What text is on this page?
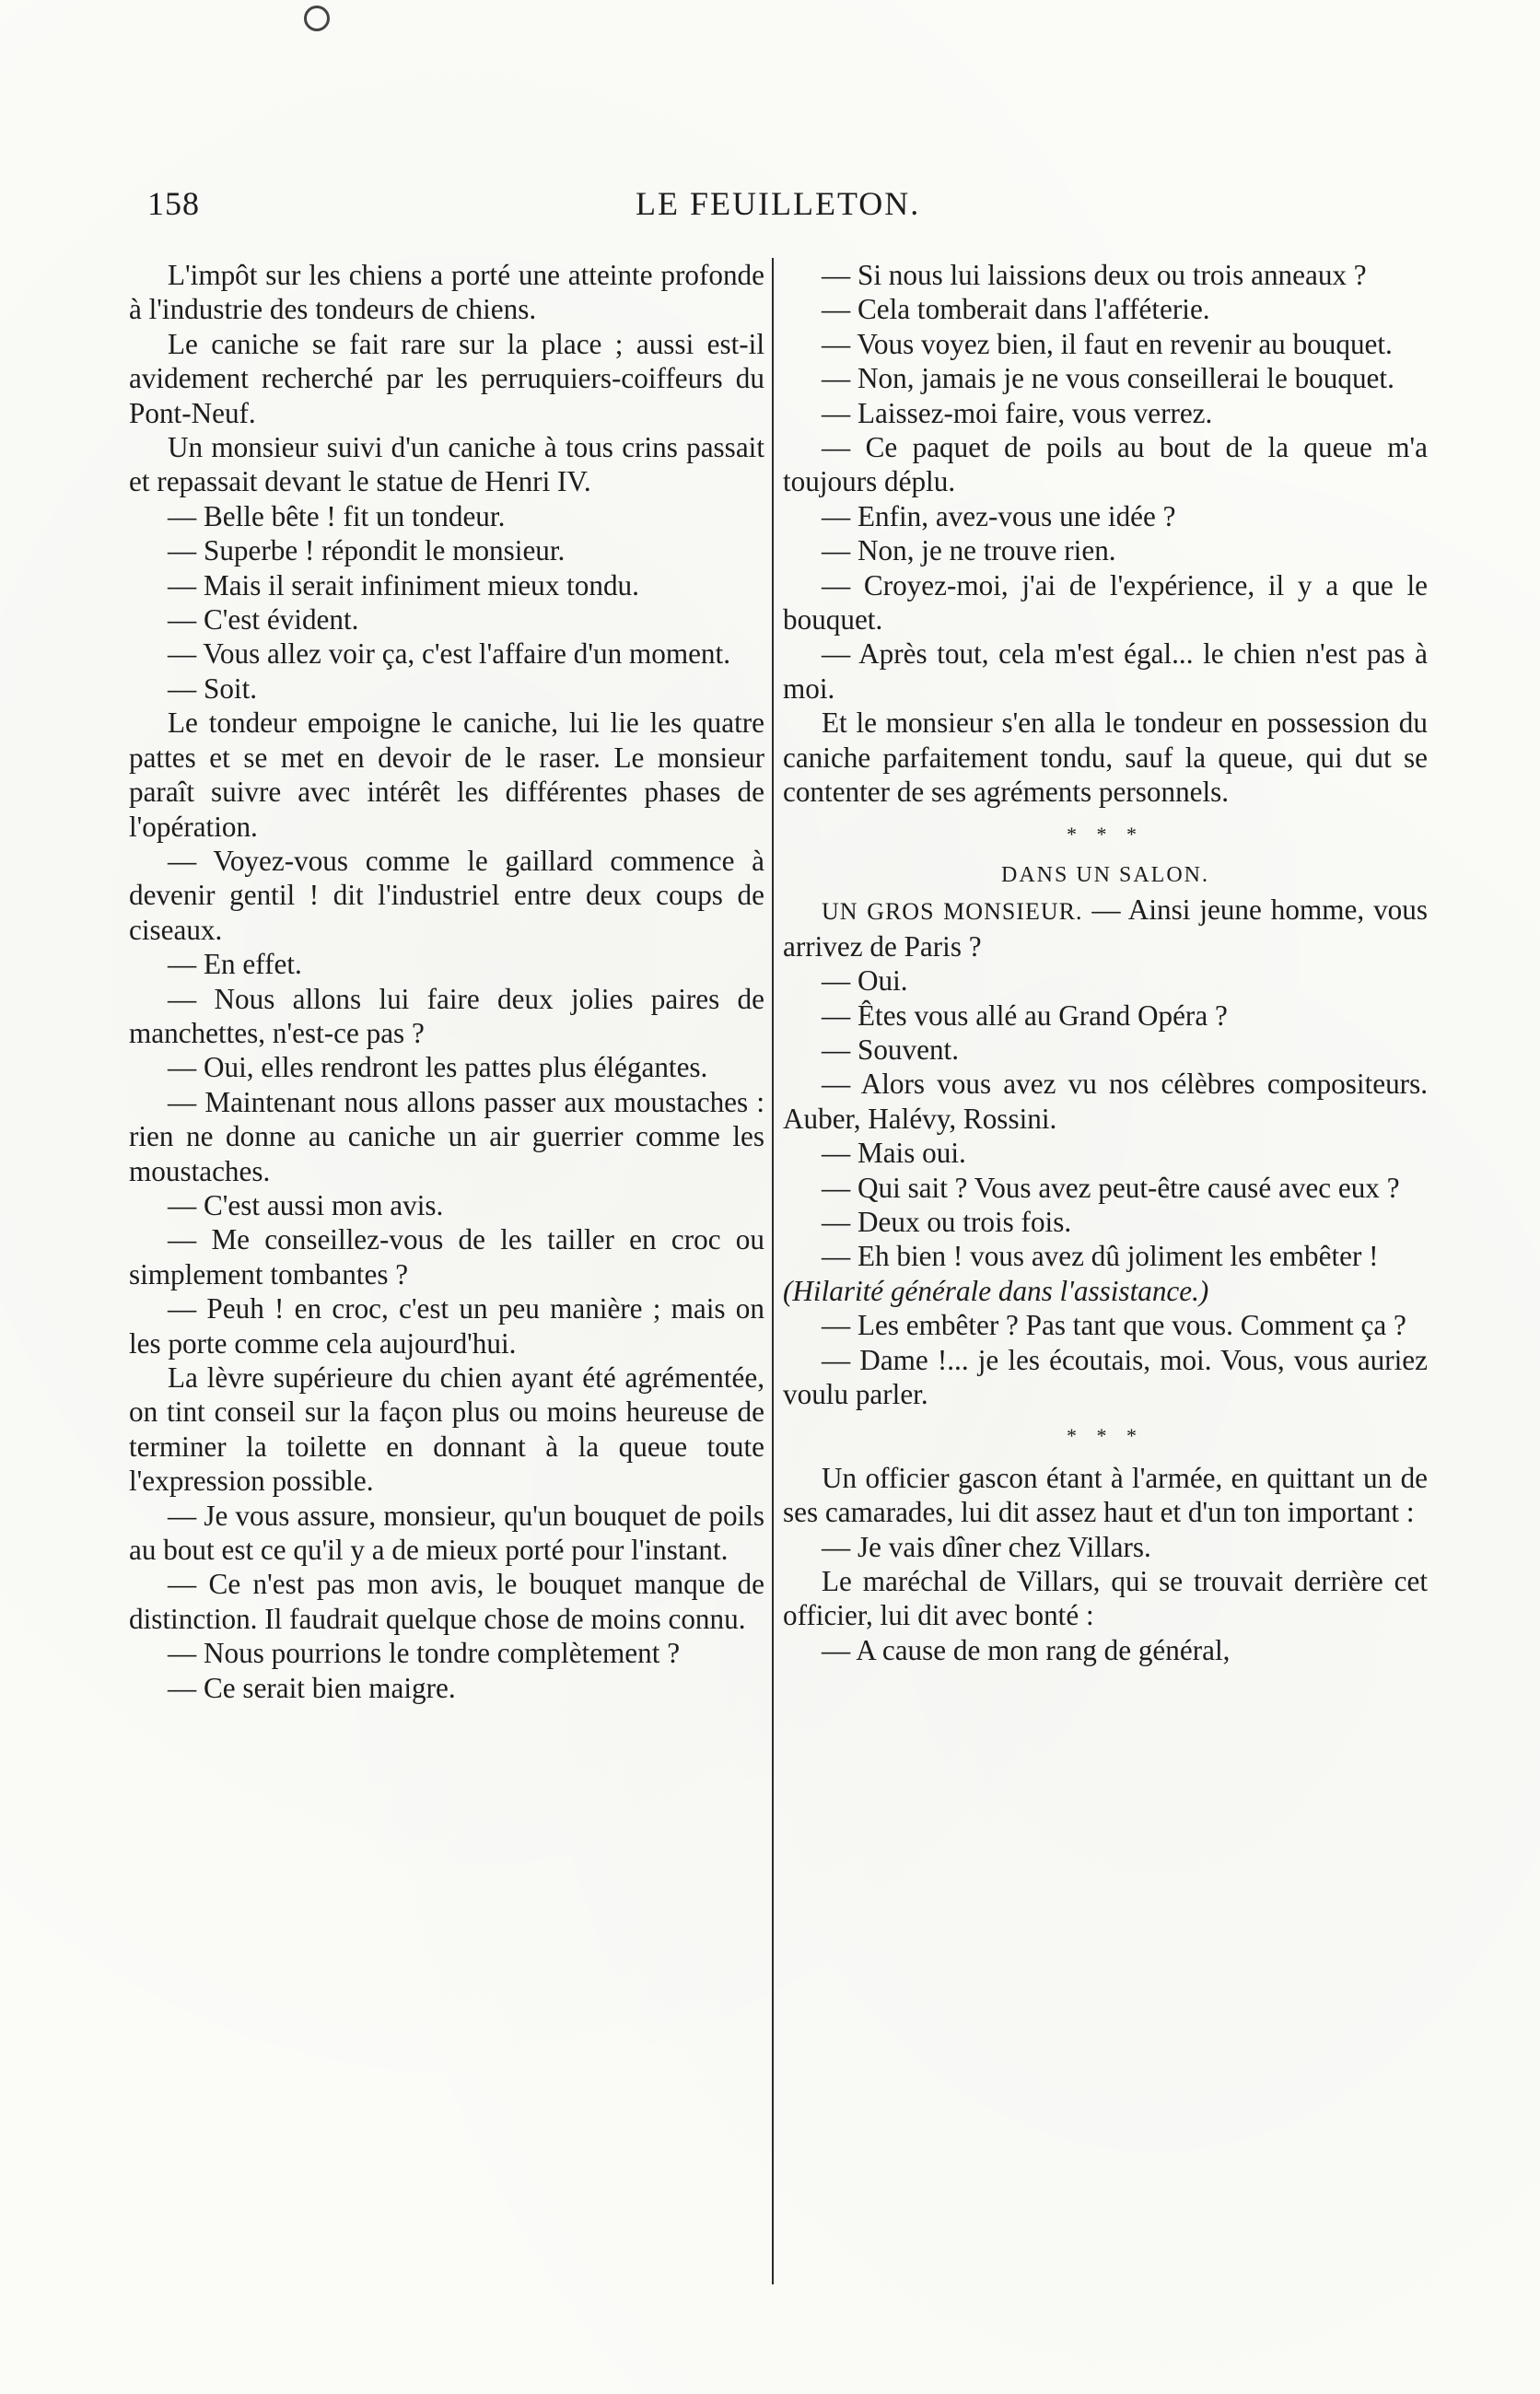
158	LE FEUILLETON.

L'impôt sur les chiens a porté une atteinte profonde à l'industrie des tondeurs de chiens.

Le caniche se fait rare sur la place ; aussi est-il avidement recherché par les perruquiers-coiffeurs du Pont-Neuf.

Un monsieur suivi d'un caniche à tous crins passait et repassait devant le statue de Henri IV.

— Belle bête ! fit un tondeur.

— Superbe ! répondit le monsieur.

— Mais il serait infiniment mieux tondu.

— C'est évident.

— Vous allez voir ça, c'est l'affaire d'un moment.

— Soit.

Le tondeur empoigne le caniche, lui lie les quatre pattes et se met en devoir de le raser. Le monsieur paraît suivre avec intérêt les différentes phases de l'opération.

— Voyez-vous comme le gaillard commence à devenir gentil ! dit l'industriel entre deux coups de ciseaux.

— En effet.

— Nous allons lui faire deux jolies paires de manchettes, n'est-ce pas ?

— Oui, elles rendront les pattes plus élégantes.

— Maintenant nous allons passer aux moustaches : rien ne donne au caniche un air guerrier comme les moustaches.

— C'est aussi mon avis.

— Me conseillez-vous de les tailler en croc ou simplement tombantes ?

— Peuh ! en croc, c'est un peu manière ; mais on les porte comme cela aujourd'hui.

La lèvre supérieure du chien ayant été agrémentée, on tint conseil sur la façon plus ou moins heureuse de terminer la toilette en donnant à la queue toute l'expression possible.

— Je vous assure, monsieur, qu'un bouquet de poils au bout est ce qu'il y a de mieux porté pour l'instant.

— Ce n'est pas mon avis, le bouquet manque de distinction. Il faudrait quelque chose de moins connu.

— Nous pourrions le tondre complètement ?

— Ce serait bien maigre.

— Si nous lui laissions deux ou trois anneaux ?

— Cela tomberait dans l'afféterie.

— Vous voyez bien, il faut en revenir au bouquet.

— Non, jamais je ne vous conseillerai le bouquet.

— Laissez-moi faire, vous verrez.

— Ce paquet de poils au bout de la queue m'a toujours déplu.

— Enfin, avez-vous une idée ?

— Non, je ne trouve rien.

— Croyez-moi, j'ai de l'expérience, il y a que le bouquet.

— Après tout, cela m'est égal... le chien n'est pas à moi.

Et le monsieur s'en alla le tondeur en possession du caniche parfaitement tondu, sauf la queue, qui dut se contenter de ses agréments personnels.

* * *

DANS UN SALON.

UN GROS MONSIEUR. — Ainsi jeune homme, vous arrivez de Paris ?

— Oui.

— Êtes vous allé au Grand Opéra ?

— Souvent.

— Alors vous avez vu nos célèbres compositeurs. Auber, Halévy, Rossini.

— Mais oui.

— Qui sait ? Vous avez peut-être causé avec eux ?

— Deux ou trois fois.

— Eh bien ! vous avez dû joliment les embêter !

(Hilarité générale dans l'assistance.)

— Les embêter ? Pas tant que vous. Comment ça ?

— Dame !... je les écoutais, moi. Vous, vous auriez voulu parler.

* * *

Un officier gascon étant à l'armée, en quittant un de ses camarades, lui dit assez haut et d'un ton important :

— Je vais dîner chez Villars.

Le maréchal de Villars, qui se trouvait derrière cet officier, lui dit avec bonté :

— A cause de mon rang de général,
